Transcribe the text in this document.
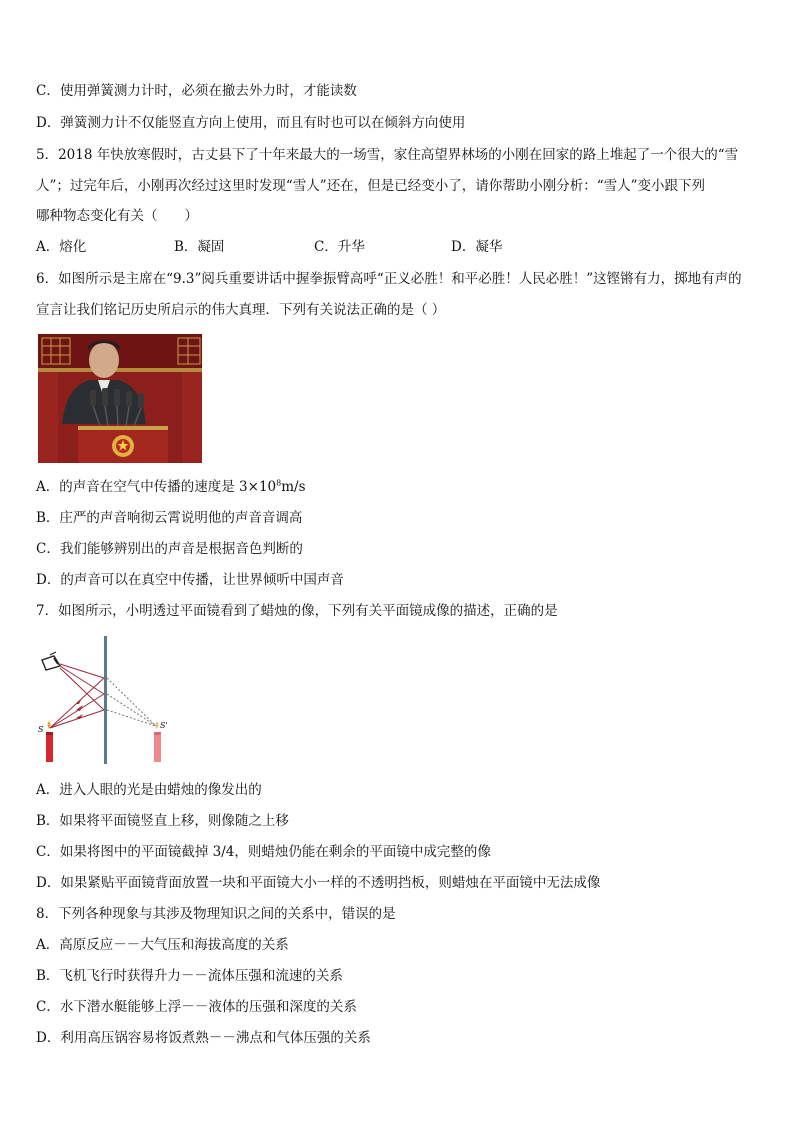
C．使用弹簧测力计时，必须在撤去外力时，才能读数
D．弹簧测力计不仅能竖直方向上使用，而且有时也可以在倾斜方向使用
5．2018 年快放寒假时，古丈县下了十年来最大的一场雪，家住高望界林场的小刚在回家的路上堆起了一个很大的“雪
人”；过完年后，小刚再次经过这里时发现“雪人”还在，但是已经变小了，请你帮助小刚分析：“雪人”变小跟下列
哪种物态变化有关（　　）
A．熔化	B．凝固	C．升华	D．凝华
6．如图所示是主席在“9.3”阅兵重要讲话中握拳振臂高呼“正义必胜！和平必胜！人民必胜！”这铿锵有力，掷地有声的
宣言让我们铭记历史所启示的伟大真理．下列有关说法正确的是（ ）
A．的声音在空气中传播的速度是 $3\times 10^8m/s$
B．庄严的声音响彻云霄说明他的声音音调高
C．我们能够辨别出的声音是根据音色判断的
D．的声音可以在真空中传播，让世界倾听中国声音
7．如图所示，小明透过平面镜看到了蜡烛的像，下列有关平面镜成像的描述，正确的是
S	S'
A．进入人眼的光是由蜡烛的像发出的
B．如果将平面镜竖直上移，则像随之上移
C．如果将图中的平面镜截掉 3/4，则蜡烛仍能在剩余的平面镜中成完整的像
D．如果紧贴平面镜背面放置一块和平面镜大小一样的不透明挡板，则蜡烛在平面镜中无法成像
8．下列各种现象与其涉及物理知识之间的关系中，错误的是
A．高原反应－－大气压和海拔高度的关系
B．飞机飞行时获得升力－－流体压强和流速的关系
C．水下潜水艇能够上浮－－液体的压强和深度的关系
D．利用高压锅容易将饭煮熟－－沸点和气体压强的关系
